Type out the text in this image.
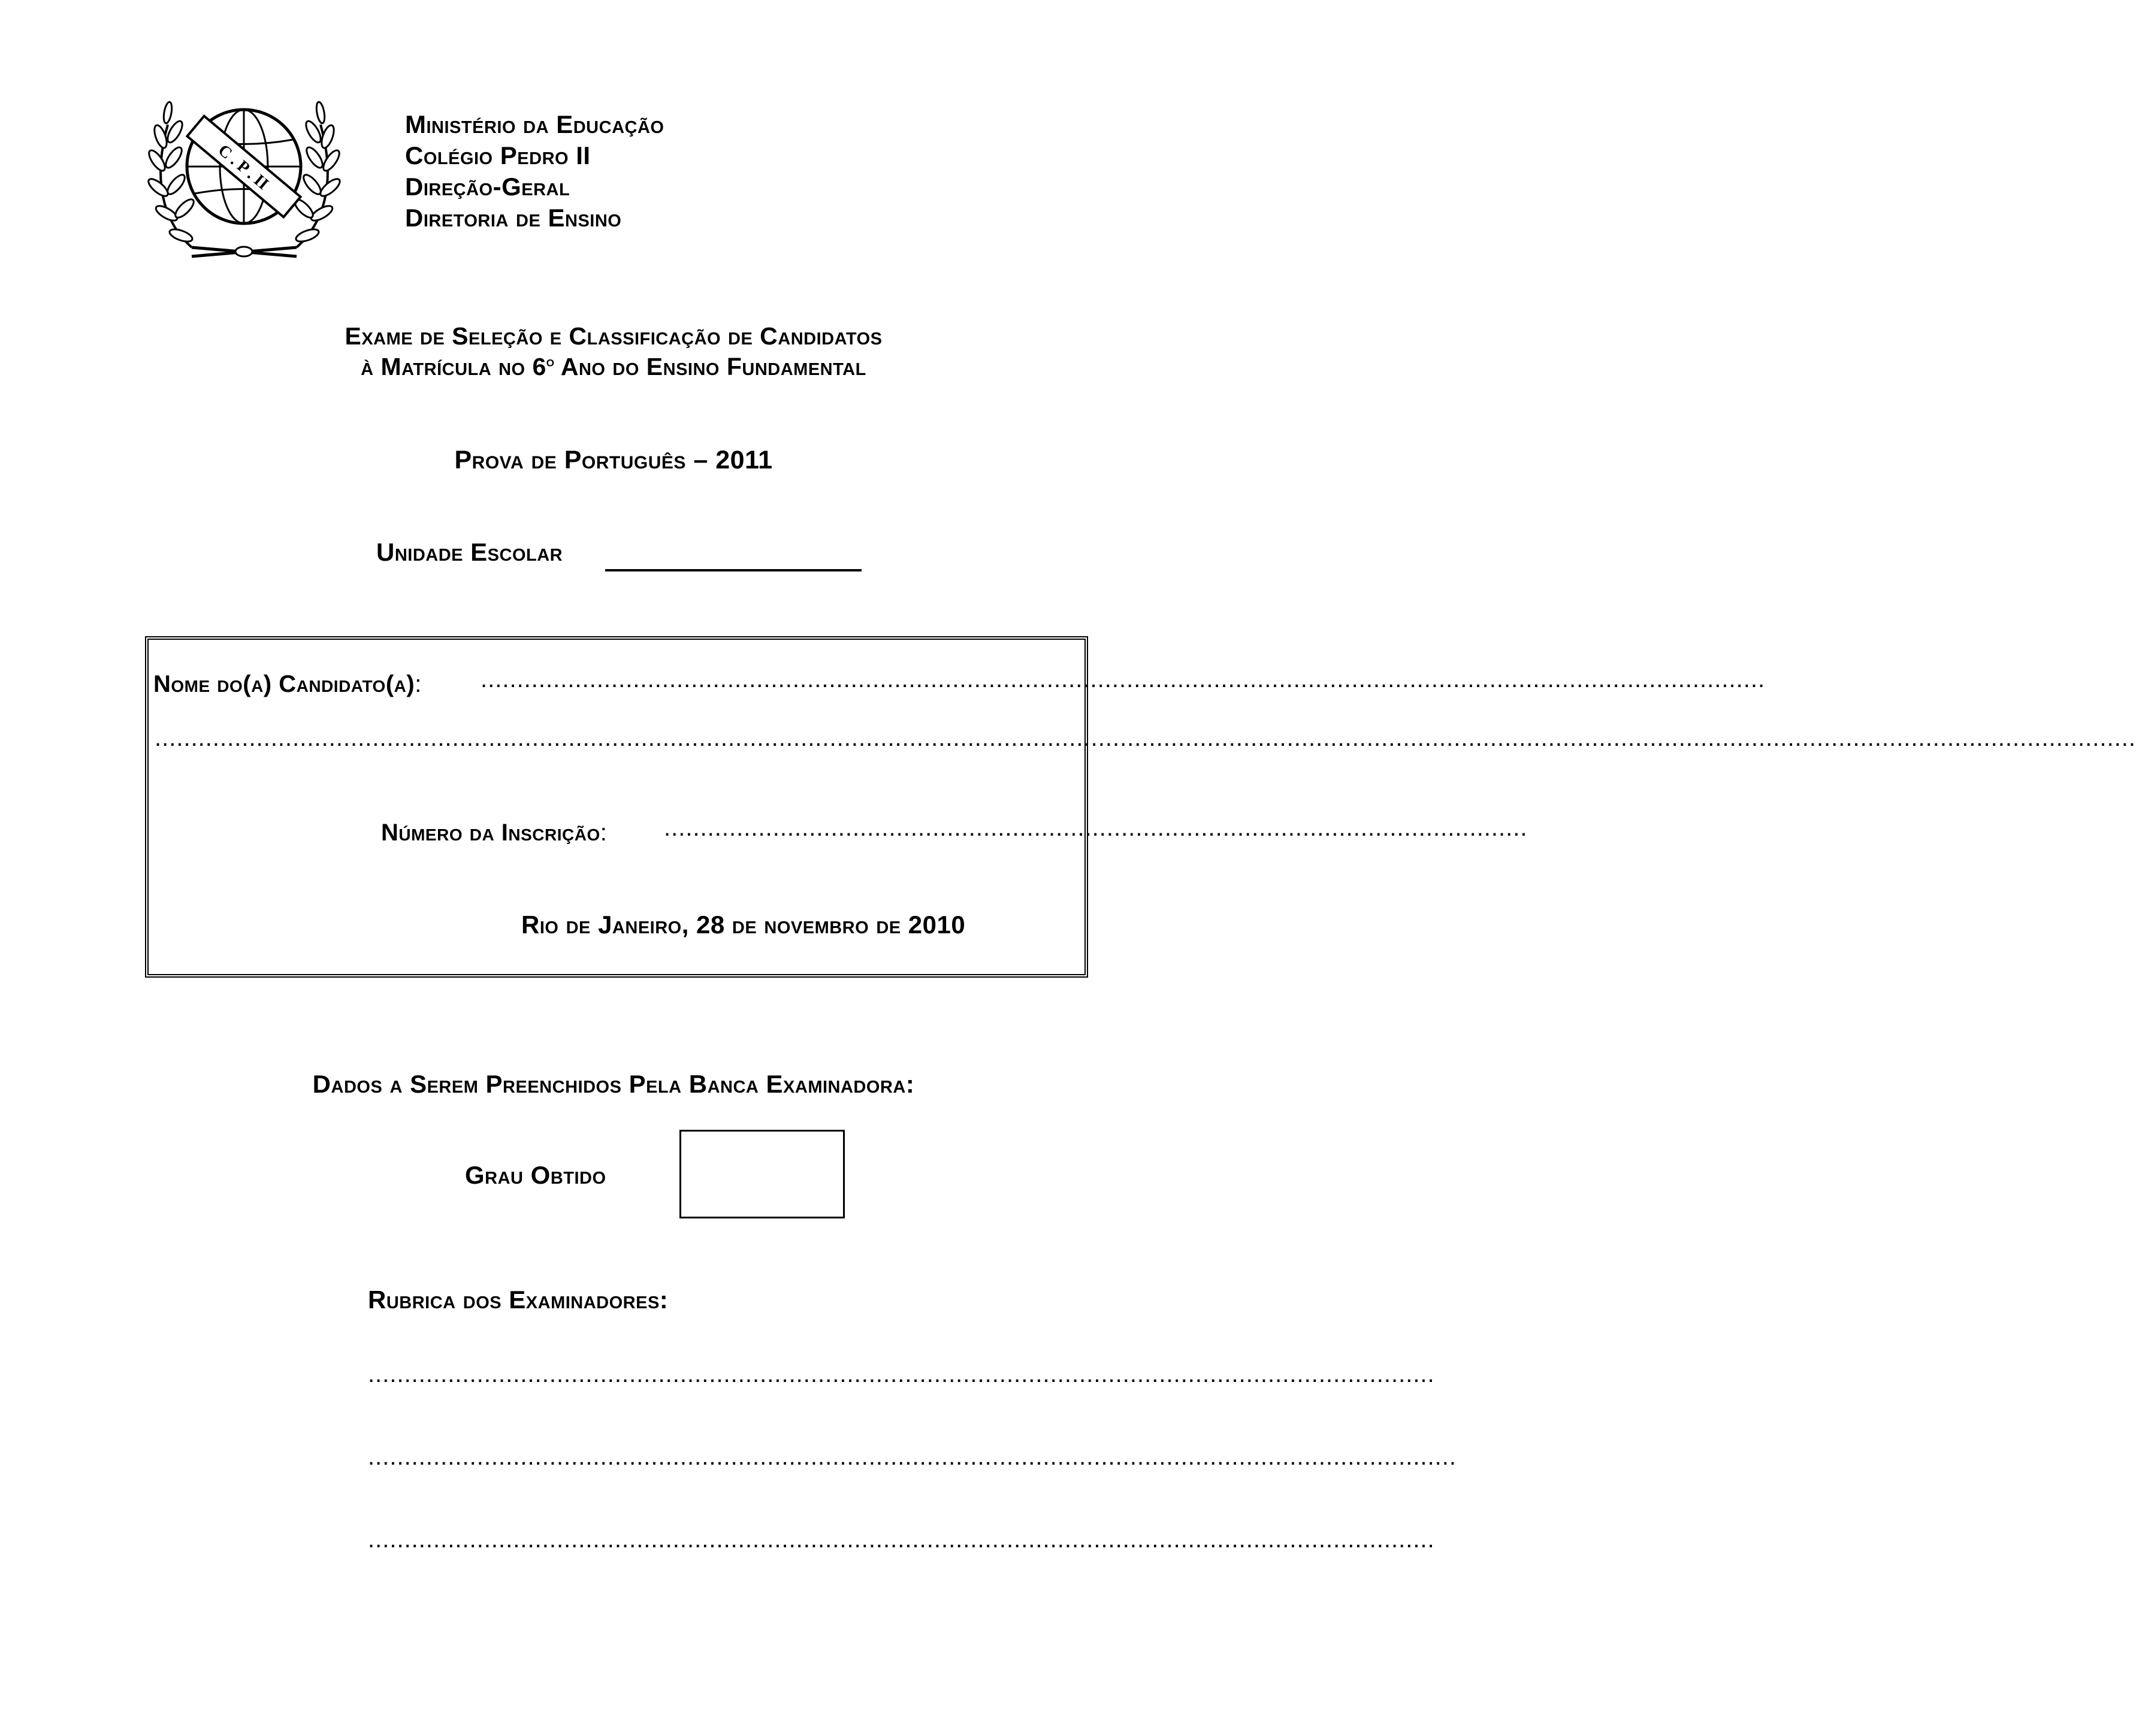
C . P . II
Ministério da Educação
Colégio Pedro II
Direção-Geral
Diretoria de Ensino
Exame de Seleção e Classificação de Candidatos
à Matrícula no 6$^o$ Ano do Ensino Fundamental
Prova de Português – 2011
Unidade Escolar
Nome do(a) Candidato(a): .................................................................................................................................................................................
.................................................................................................................................................................................................................................................................................
Número da Inscrição: .......................................................................................................................
Rio de Janeiro, 28 de novembro de 2010
Dados a Serem Preenchidos Pela Banca Examinadora:
Grau Obtido
Rubrica dos Examinadores:
...................................................................................................................................................
......................................................................................................................................................
...................................................................................................................................................
